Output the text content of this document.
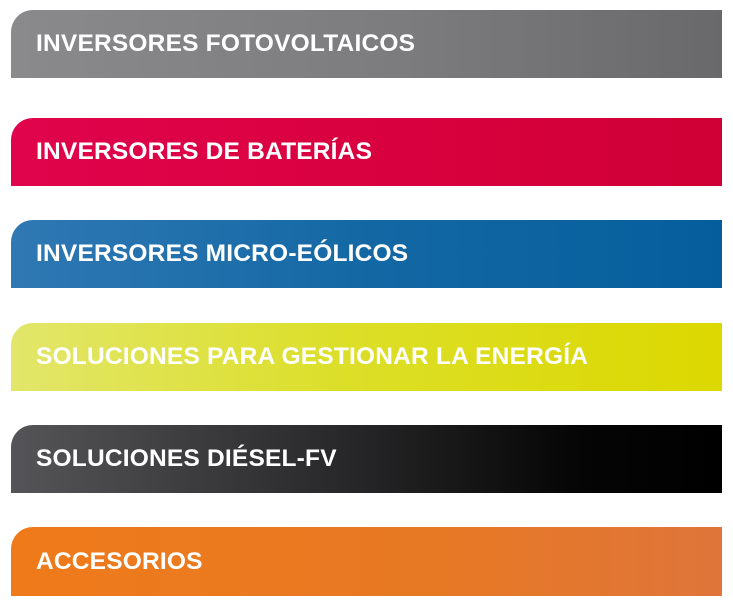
INVERSORES FOTOVOLTAICOS
INVERSORES DE BATERÍAS
INVERSORES MICRO-EÓLICOS
SOLUCIONES PARA GESTIONAR LA ENERGÍA
SOLUCIONES DIÉSEL-FV
ACCESORIOS
